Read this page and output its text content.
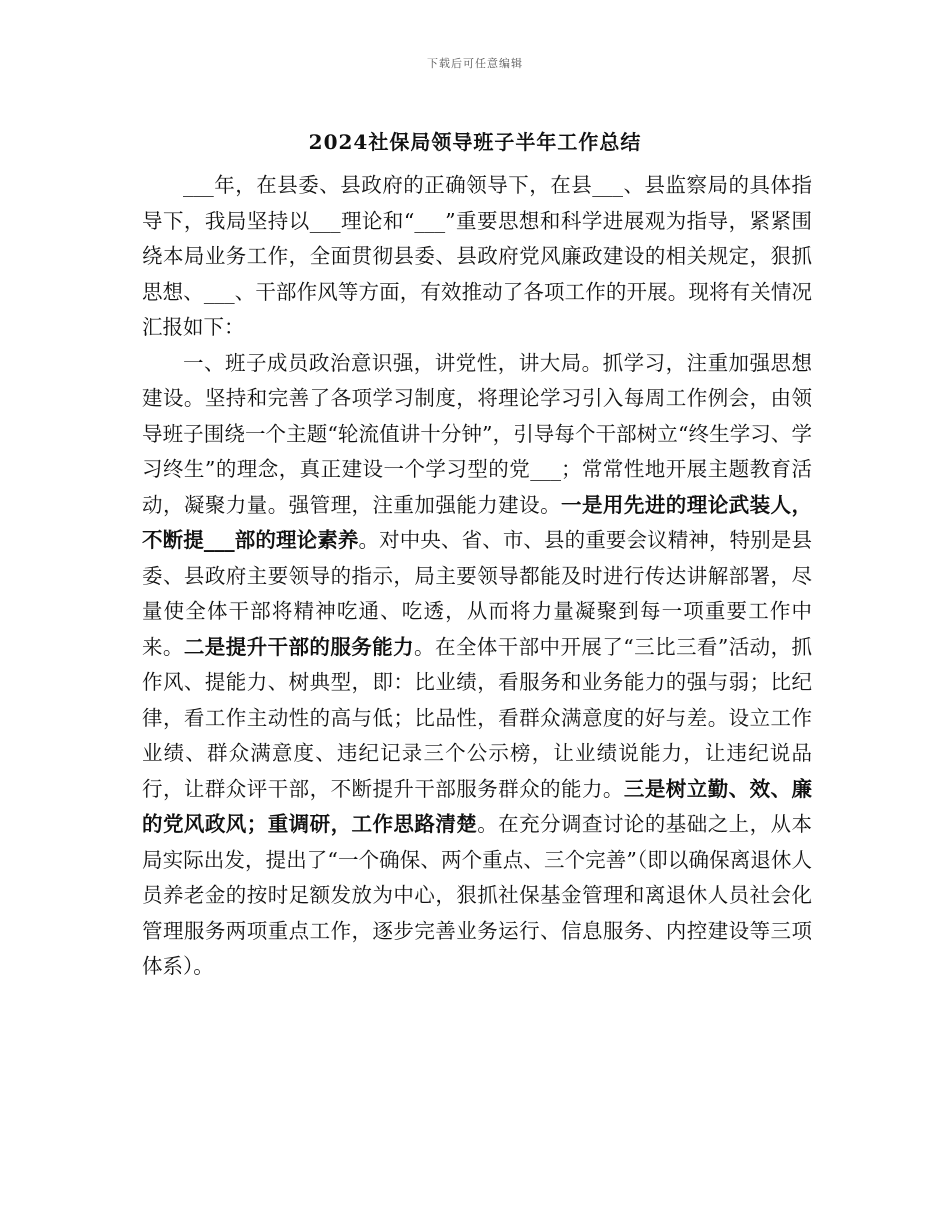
下载后可任意编辑
2024社保局领导班子半年工作总结

___年，在县委、县政府的正确领导下，在县___、县监察局的具体指导下，我局坚持以___理论和“___”重要思想和科学进展观为指导，紧紧围绕本局业务工作，全面贯彻县委、县政府党风廉政建设的相关规定，狠抓思想、___、干部作风等方面，有效推动了各项工作的开展。现将有关情况汇报如下：

一、班子成员政治意识强，讲党性，讲大局。抓学习，注重加强思想建设。坚持和完善了各项学习制度，将理论学习引入每周工作例会，由领导班子围绕一个主题“轮流值讲十分钟”，引导每个干部树立“终生学习、学习终生”的理念，真正建设一个学习型的党___；常常性地开展主题教育活动，凝聚力量。强管理，注重加强能力建设。一是用先进的理论武装人，不断提___部的理论素养。对中央、省、市、县的重要会议精神，特别是县委、县政府主要领导的指示，局主要领导都能及时进行传达讲解部署，尽量使全体干部将精神吃通、吃透，从而将力量凝聚到每一项重要工作中来。二是提升干部的服务能力。在全体干部中开展了“三比三看”活动，抓作风、提能力、树典型，即：比业绩，看服务和业务能力的强与弱；比纪律，看工作主动性的高与低；比品性，看群众满意度的好与差。设立工作业绩、群众满意度、违纪记录三个公示榜，让业绩说能力，让违纪说品行，让群众评干部，不断提升干部服务群众的能力。三是树立勤、效、廉的党风政风；重调研，工作思路清楚。在充分调查讨论的基础之上，从本局实际出发，提出了“一个确保、两个重点、三个完善”（即以确保离退休人员养老金的按时足额发放为中心，狠抓社保基金管理和离退休人员社会化管理服务两项重点工作，逐步完善业务运行、信息服务、内控建设等三项体系）。
